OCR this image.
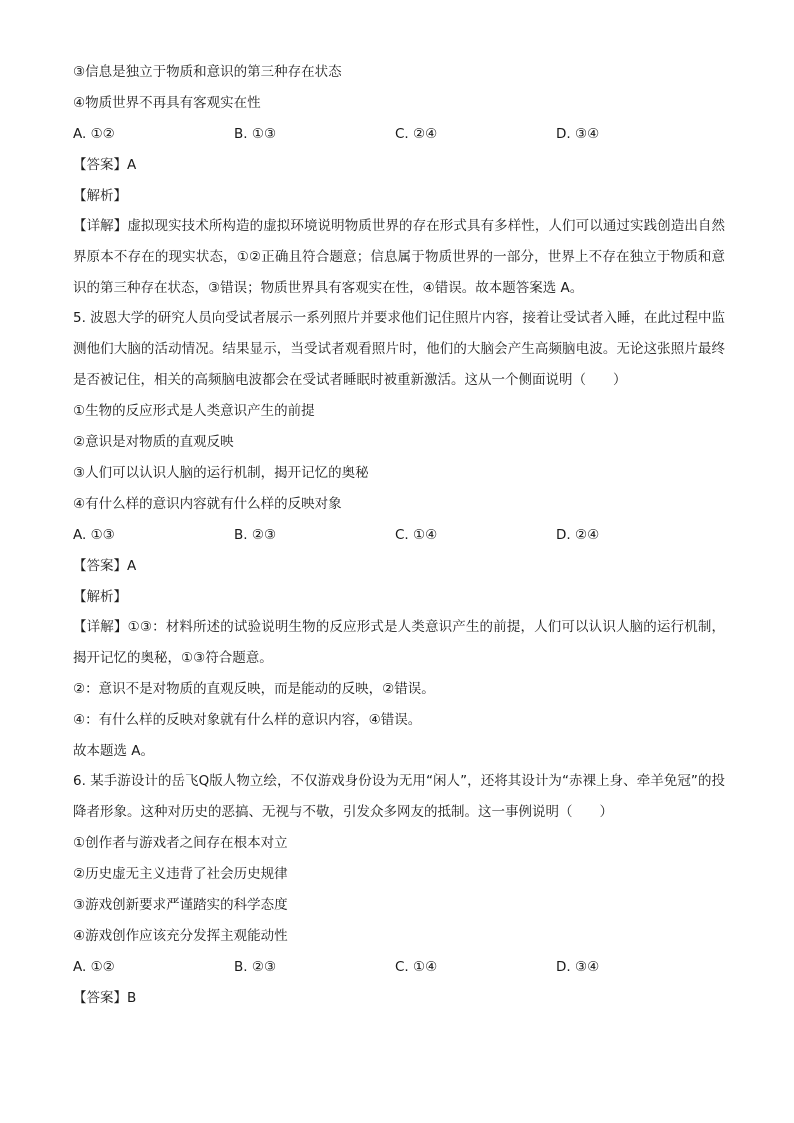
③信息是独立于物质和意识的第三种存在状态
④物质世界不再具有客观实在性
A. ①②	B. ①③	C. ②④	D. ③④
【答案】A
【解析】
【详解】虚拟现实技术所构造的虚拟环境说明物质世界的存在形式具有多样性，人们可以通过实践创造出自然界原本不存在的现实状态，①②正确且符合题意；信息属于物质世界的一部分，世界上不存在独立于物质和意识的第三种存在状态，③错误；物质世界具有客观实在性，④错误。故本题答案选 A。
5. 波恩大学的研究人员向受试者展示一系列照片并要求他们记住照片内容，接着让受试者入睡，在此过程中监测他们大脑的活动情况。结果显示，当受试者观看照片时，他们的大脑会产生高频脑电波。无论这张照片最终是否被记住，相关的高频脑电波都会在受试者睡眠时被重新激活。这从一个侧面说明（　　）
①生物的反应形式是人类意识产生的前提
②意识是对物质的直观反映
③人们可以认识人脑的运行机制，揭开记忆的奥秘
④有什么样的意识内容就有什么样的反映对象
A. ①③	B. ②③	C. ①④	D. ②④
【答案】A
【解析】
【详解】①③：材料所述的试验说明生物的反应形式是人类意识产生的前提，人们可以认识人脑的运行机制，揭开记忆的奥秘，①③符合题意。
②：意识不是对物质的直观反映，而是能动的反映，②错误。
④：有什么样的反映对象就有什么样的意识内容，④错误。
故本题选 A。
6. 某手游设计的岳飞Q版人物立绘，不仅游戏身份设为无用“闲人”，还将其设计为“赤裸上身、牵羊免冠”的投降者形象。这种对历史的恶搞、无视与不敬，引发众多网友的抵制。这一事例说明（　　）
①创作者与游戏者之间存在根本对立
②历史虚无主义违背了社会历史规律
③游戏创新要求严谨踏实的科学态度
④游戏创作应该充分发挥主观能动性
A. ①②	B. ②③	C. ①④	D. ③④
【答案】B
